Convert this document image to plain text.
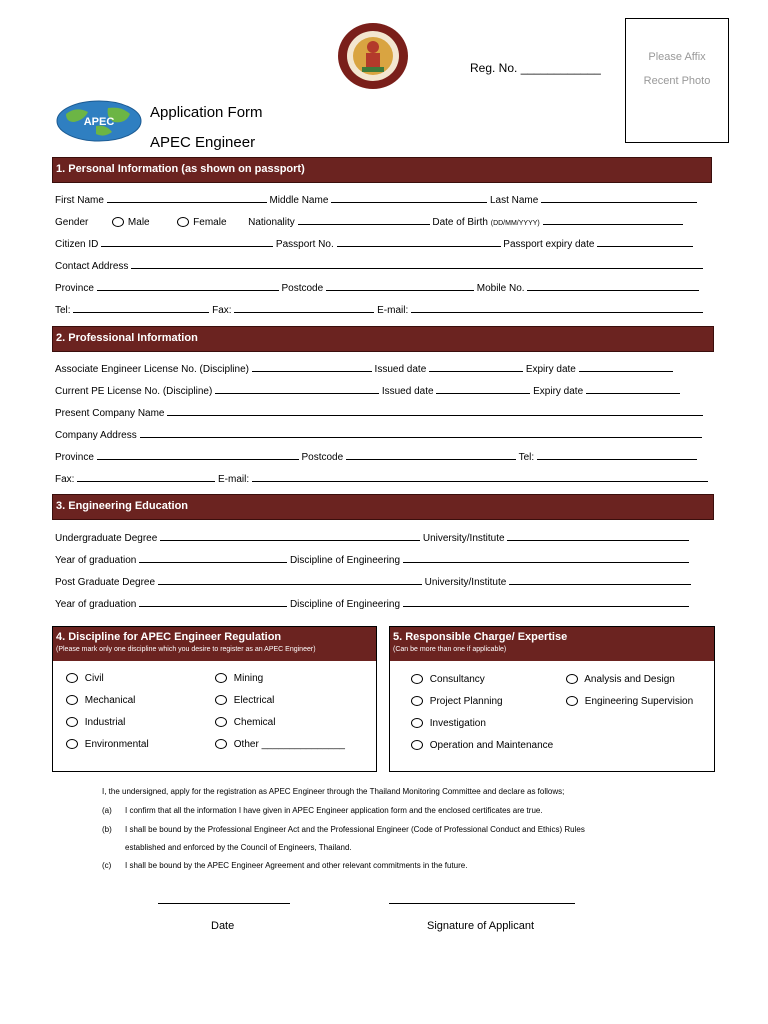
APEC
Application Form
APEC Engineer
Reg. No. ____________
Please Affix
Recent Photo
1. Personal Information (as shown on passport)
First Name	Middle Name	Last Name
Gender	Male	Female Nationality	Date of Birth (DD/MM/YYYY)
Citizen ID	Passport No.	Passport expiry date
Contact Address
Province	Postcode	Mobile No.
Tel:	Fax:	E-mail:
2. Professional Information
Associate Engineer License No. (Discipline)	Issued date	Expiry date
Current PE License No. (Discipline)	Issued date	Expiry date
Present Company Name
Company Address
Province	Postcode	Tel:
Fax:	E-mail:
3. Engineering Education
Undergraduate Degree	University/Institute
Year of graduation	Discipline of Engineering
Post Graduate Degree	University/Institute
Year of graduation	Discipline of Engineering
4. Discipline for APEC Engineer Regulation
(Please mark only one discipline which you desire to register as an APEC Engineer)
Civil
Mechanical
Industrial
Environmental
Mining
Electrical
Chemical
Other _______________
5. Responsible Charge/ Expertise
(Can be more than one if applicable)
Consultancy
Project Planning
Investigation
Operation and Maintenance
Analysis and Design
Engineering Supervision
I, the undersigned, apply for the registration as APEC Engineer through the Thailand Monitoring Committee and declare as follows;
(a) I confirm that all the information I have given in APEC Engineer application form and the enclosed certificates are true.
(b) I shall be bound by the Professional Engineer Act and the Professional Engineer (Code of Professional Conduct and Ethics) Rules
established and enforced by the Council of Engineers, Thailand.
(c) I shall be bound by the APEC Engineer Agreement and other relevant commitments in the future.
Date	Signature of Applicant
